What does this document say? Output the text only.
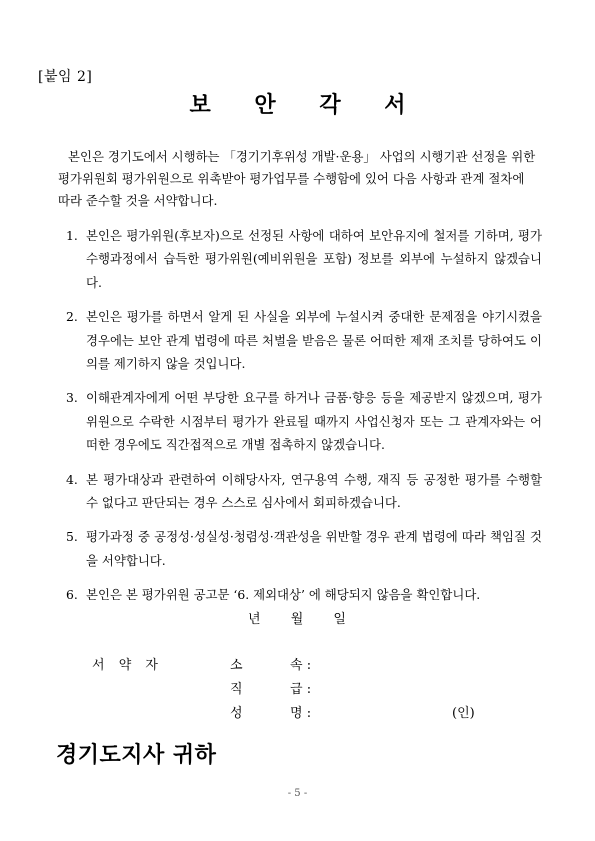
[붙임 2]
보 안 각 서
본인은 경기도에서 시행하는 「경기기후위성 개발·운용」 사업의 시행기관 선정을 위한 평가위원회 평가위원으로 위촉받아 평가업무를 수행함에 있어 다음 사항과 관계 절차에 따라 준수할 것을 서약합니다.
1. 본인은 평가위원(후보자)으로 선정된 사항에 대하여 보안유지에 철저를 기하며, 평가 수행과정에서 습득한 평가위원(예비위원을 포함) 정보를 외부에 누설하지 않겠습니다.
2. 본인은 평가를 하면서 알게 된 사실을 외부에 누설시켜 중대한 문제점을 야기시켰을 경우에는 보안 관계 법령에 따른 처벌을 받음은 물론 어떠한 제재 조치를 당하여도 이의를 제기하지 않을 것입니다.
3. 이해관계자에게 어떤 부당한 요구를 하거나 금품·향응 등을 제공받지 않겠으며, 평가위원으로 수락한 시점부터 평가가 완료될 때까지 사업신청자 또는 그 관계자와는 어떠한 경우에도 직간접적으로 개별 접촉하지 않겠습니다.
4. 본 평가대상과 관련하여 이해당사자, 연구용역 수행, 재직 등 공정한 평가를 수행할 수 없다고 판단되는 경우 스스로 심사에서 회피하겠습니다.
5. 평가과정 중 공정성·성실성·청렴성·객관성을 위반할 경우 관계 법령에 따라 책임질 것을 서약합니다.
6. 본인은 본 평가위원 공고문 ‘6. 제외대상’ 에 해당되지 않음을 확인합니다.
년 월 일
서 약 자	소	속 :
직	급 :
성	명 :	(인)
경기도지사 귀하
- 5 -
